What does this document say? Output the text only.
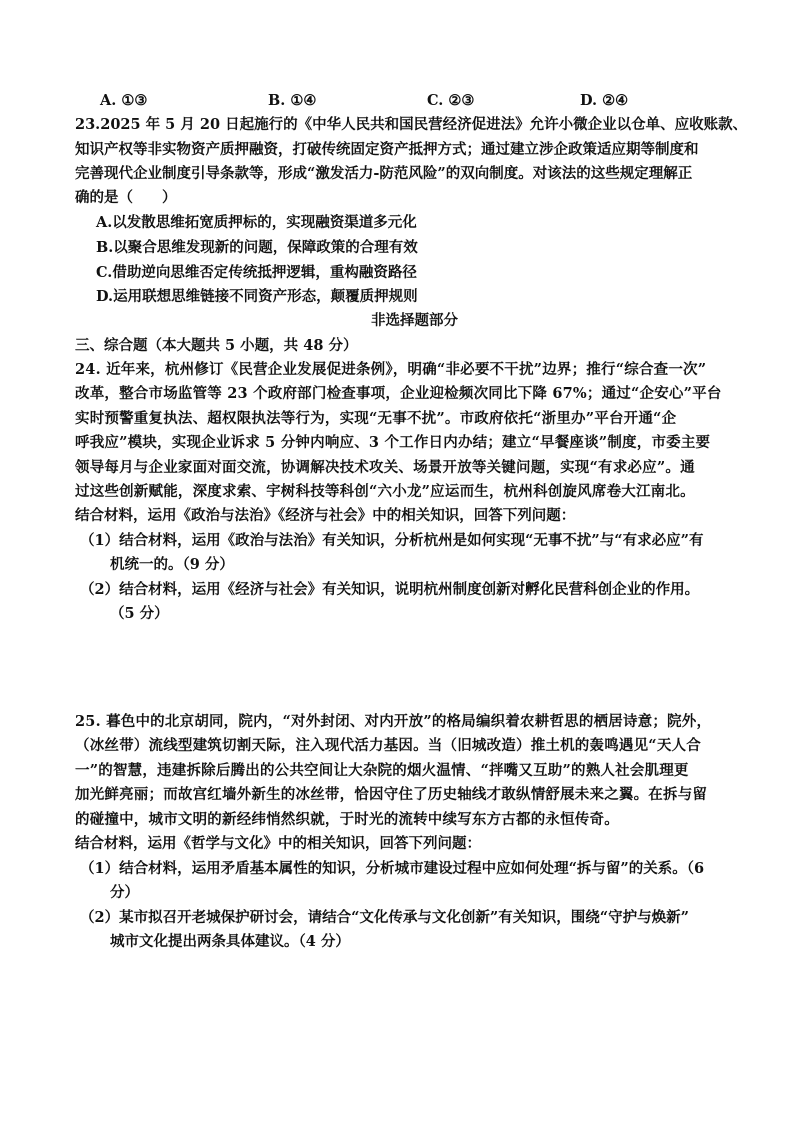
A. ①③	B. ①④	C. ②③	D. ②④
23.2025 年 5 月 20 日起施行的《中华人民共和国民营经济促进法》允许小微企业以仓单、应收账款、
知识产权等非实物资产质押融资，打破传统固定资产抵押方式；通过建立涉企政策适应期等制度和
完善现代企业制度引导条款等，形成“激发活力-防范风险”的双向制度。对该法的这些规定理解正
确的是（　　）
A.以发散思维拓宽质押标的，实现融资渠道多元化
B.以聚合思维发现新的问题，保障政策的合理有效
C.借助逆向思维否定传统抵押逻辑，重构融资路径
D.运用联想思维链接不同资产形态，颠覆质押规则
非选择题部分
三、综合题（本大题共 5 小题，共 48 分）
24. 近年来，杭州修订《民营企业发展促进条例》，明确“非必要不干扰”边界；推行“综合查一次”
改革，整合市场监管等 23 个政府部门检查事项，企业迎检频次同比下降 67%；通过“企安心”平台
实时预警重复执法、超权限执法等行为，实现“无事不扰”。市政府依托“浙里办”平台开通“企
呼我应”模块，实现企业诉求 5 分钟内响应、3 个工作日内办结；建立“早餐座谈”制度，市委主要
领导每月与企业家面对面交流，协调解决技术攻关、场景开放等关键问题，实现“有求必应”。通
过这些创新赋能，深度求索、宇树科技等科创“六小龙”应运而生，杭州科创旋风席卷大江南北。
结合材料，运用《政治与法治》《经济与社会》中的相关知识，回答下列问题：
（1）结合材料，运用《政治与法治》有关知识，分析杭州是如何实现“无事不扰”与“有求必应”有
机统一的。（9 分）
（2）结合材料，运用《经济与社会》有关知识，说明杭州制度创新对孵化民营科创企业的作用。
（5 分）
25. 暮色中的北京胡同，院内，“对外封闭、对内开放”的格局编织着农耕哲思的栖居诗意；院外，
（冰丝带）流线型建筑切割天际，注入现代活力基因。当（旧城改造）推土机的轰鸣遇见“天人合
一”的智慧，违建拆除后腾出的公共空间让大杂院的烟火温情、“拌嘴又互助”的熟人社会肌理更
加光鲜亮丽；而故宫红墙外新生的冰丝带，恰因守住了历史轴线才敢纵情舒展未来之翼。在拆与留
的碰撞中，城市文明的新经纬悄然织就，于时光的流转中续写东方古都的永恒传奇。
结合材料，运用《哲学与文化》中的相关知识，回答下列问题：
（1）结合材料，运用矛盾基本属性的知识，分析城市建设过程中应如何处理“拆与留”的关系。（6
分）
（2）某市拟召开老城保护研讨会，请结合“文化传承与文化创新”有关知识，围绕“守护与焕新”
城市文化提出两条具体建议。（4 分）
